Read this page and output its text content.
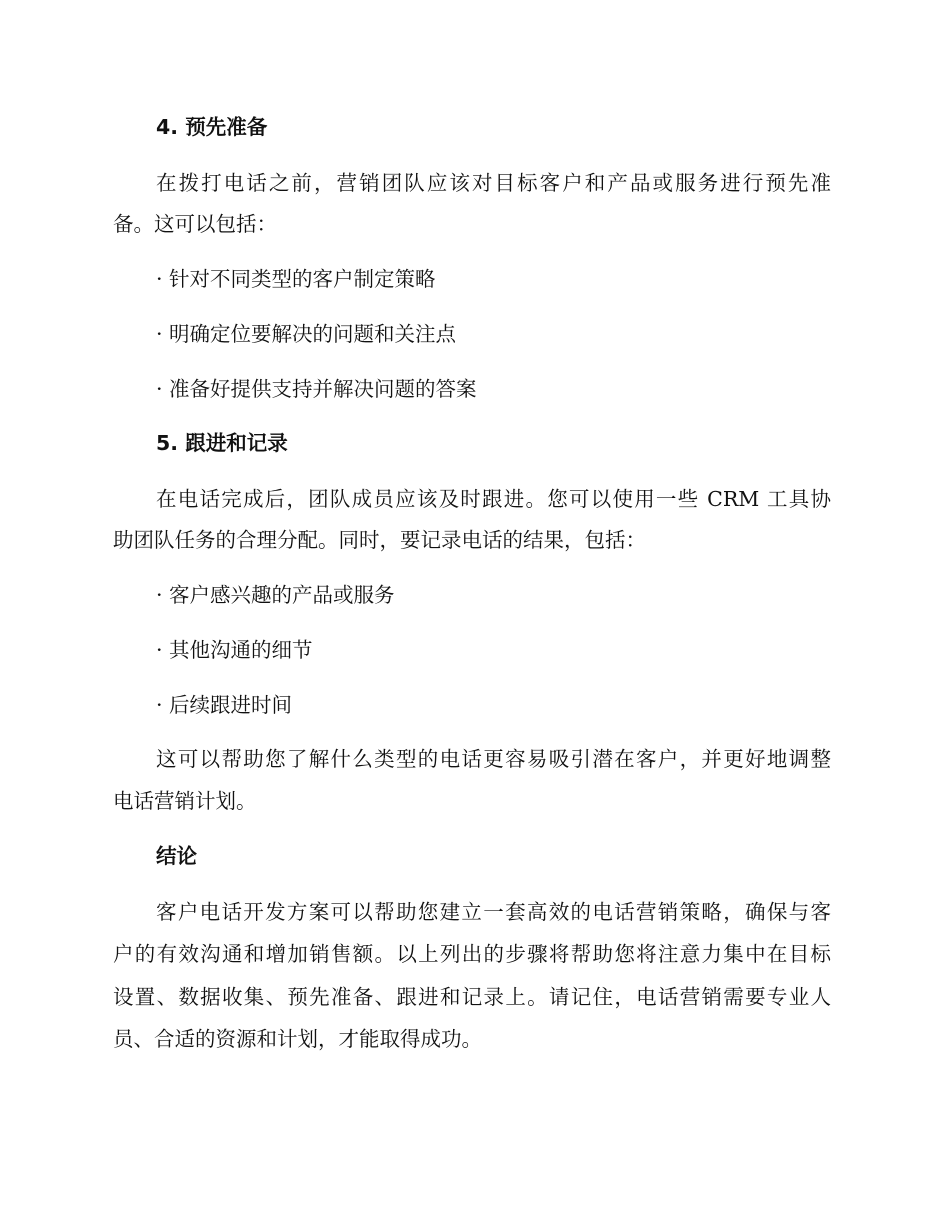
4. 预先准备
在拨打电话之前，营销团队应该对目标客户和产品或服务进行预先准
备。这可以包括：
· 针对不同类型的客户制定策略
· 明确定位要解决的问题和关注点
· 准备好提供支持并解决问题的答案
5. 跟进和记录
在电话完成后，团队成员应该及时跟进。您可以使用一些 CRM 工具协
助团队任务的合理分配。同时，要记录电话的结果，包括：
· 客户感兴趣的产品或服务
· 其他沟通的细节
· 后续跟进时间
这可以帮助您了解什么类型的电话更容易吸引潜在客户，并更好地调整
电话营销计划。
结论
客户电话开发方案可以帮助您建立一套高效的电话营销策略，确保与客
户的有效沟通和增加销售额。以上列出的步骤将帮助您将注意力集中在目标
设置、数据收集、预先准备、跟进和记录上。请记住，电话营销需要专业人
员、合适的资源和计划，才能取得成功。
